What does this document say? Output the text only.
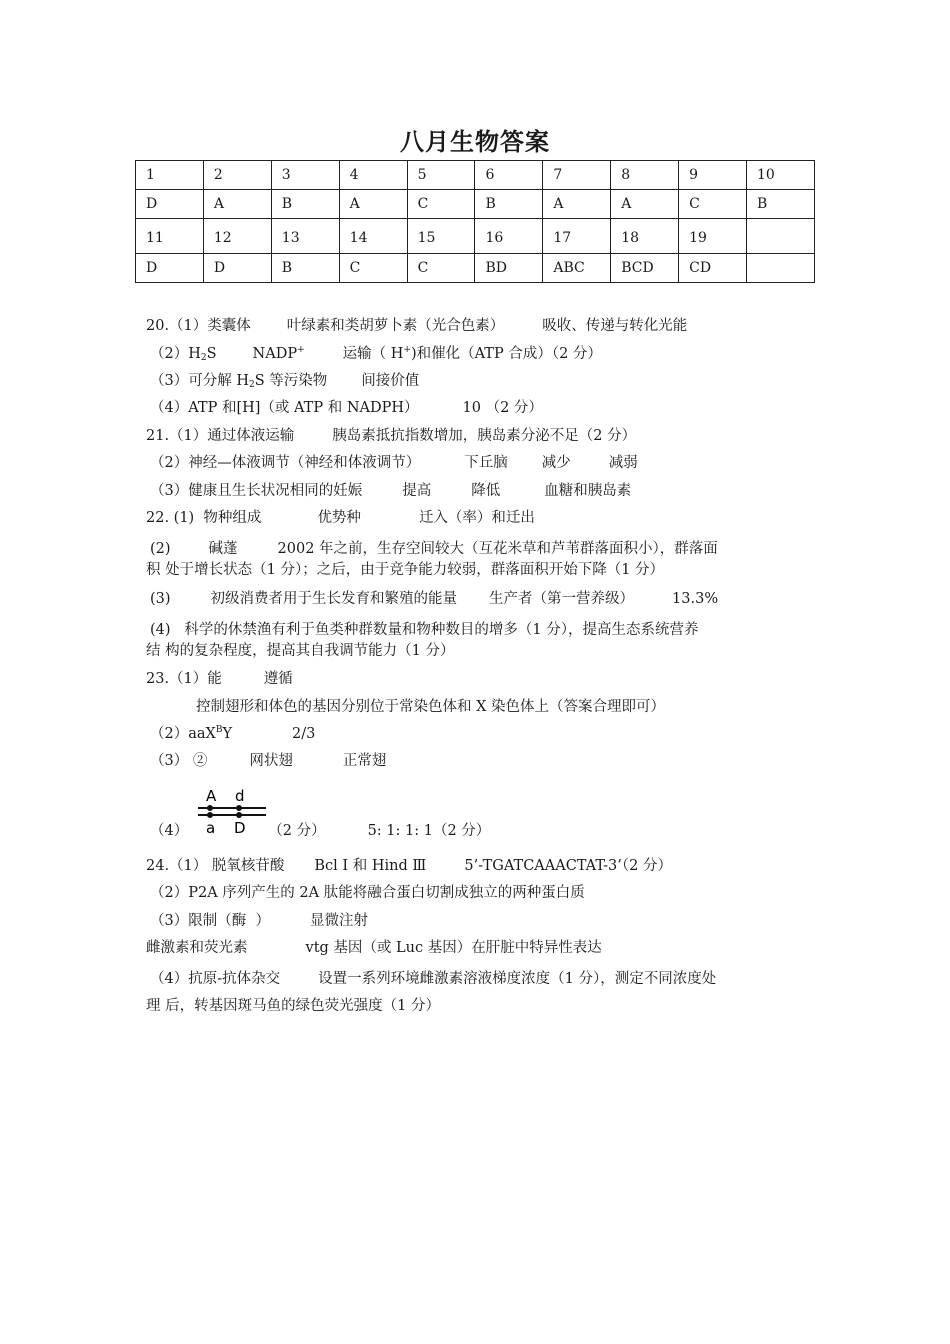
八月生物答案
1	2	3	4	5	6	7	8	9	10
D	A	B	A	C	B	A	A	C	B
11	12	13	14	15	16	17	18	19	
D	D	B	C	C	BD	ABC	BCD	CD	
20.（1）类囊体 叶绿素和类胡萝卜素（光合色素）	吸收、传递与转化光能
$(2)H_2S$ NADP+	运输（ H+)和催化（ATP 合成）（2 分）
（3）可分解 $H_2S$ 等污染物 间接价值
（4）ATP 和[H]（或 ATP 和 NADPH）	10 （2 分）
21.（1）通过体液运输	胰岛素抵抗指数增加，胰岛素分泌不足（2 分）
（2）神经—体液调节（神经和体液调节）	下丘脑 减少	减弱
（3）健康且生长状况相同的妊娠	提高	降低	血糖和胰岛素
22. (1)  物种组成	优势种	迁入（率）和迁出
(2)	碱蓬	2002 年之前，生存空间较大（互花米草和芦苇群落面积小），群落面
积 处于增长状态（1 分）；之后，由于竞争能力较弱，群落面积开始下降（1 分）
(3)	初级消费者用于生长发育和繁殖的能量 生产者（第一营养级）	13.3%
(4)   科学的休禁渔有利于鱼类种群数量和物种数目的增多（1 分），提高生态系统营养
结 构的复杂程度，提高其自我调节能力（1 分）
23.（1）能	遵循
控制翅形和体色的基因分别位于常染色体和 X 染色体上（答案合理即可）
（2）aaX$^B$Y	2/3
（3） ②	网状翅	正常翅
A d
a D
（4）	（2 分）	5: 1: 1: 1（2 分）
24.（1） 脱氧核苷酸 Bcl I 和 Hind Ⅲ	5’-TGATCAAACTAT-3’（2 分）
（2）P2A 序列产生的 2A 肽能将融合蛋白切割成独立的两种蛋白质
（3）限制（酶  ）	显微注射
雌激素和荧光素	vtg 基因（或 Luc 基因）在肝脏中特异性表达
（4）抗原-抗体杂交	设置一系列环境雌激素溶液梯度浓度（1 分），测定不同浓度处
理 后，转基因斑马鱼的绿色荧光强度（1 分）
